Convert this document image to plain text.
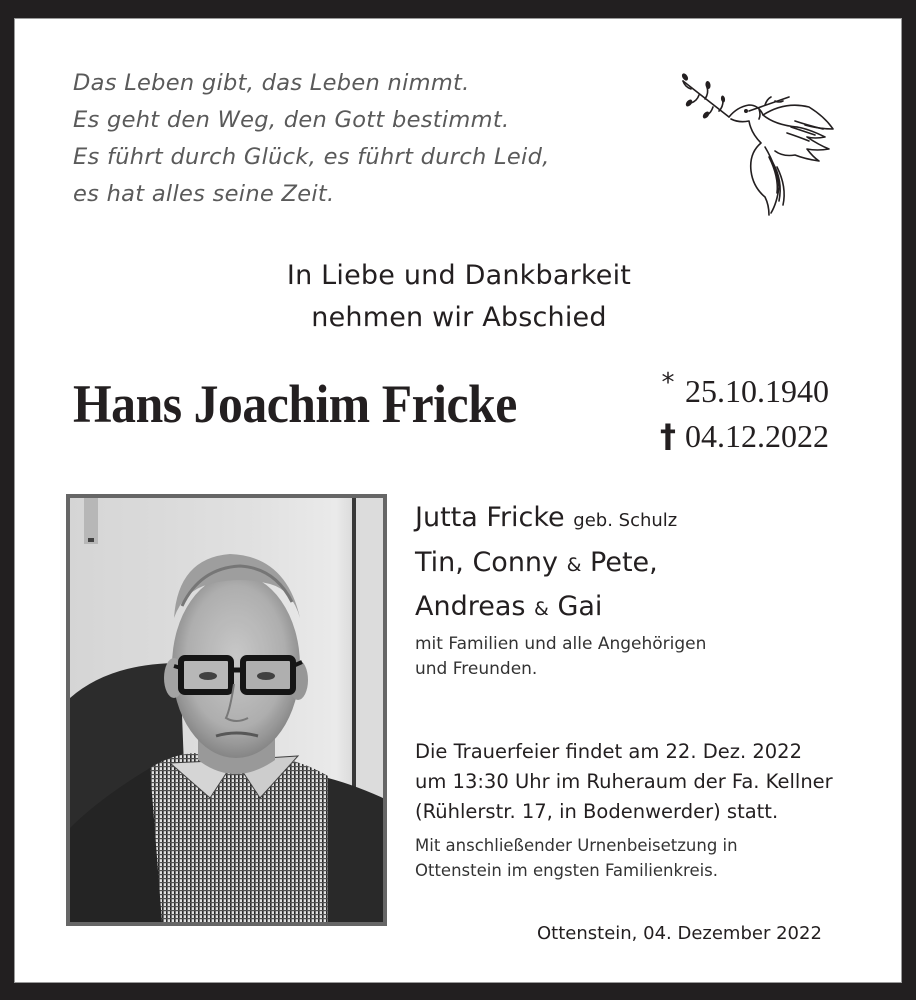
Das Leben gibt, das Leben nimmt.
Es geht den Weg, den Gott bestimmt.
Es führt durch Glück, es führt durch Leid,
es hat alles seine Zeit.
In Liebe und Dankbarkeit
nehmen wir Abschied
Hans Joachim Fricke	* 25.10.1940
† 04.12.2022
Jutta Fricke geb. Schulz
Tin, Conny & Pete,
Andreas & Gai
mit Familien und alle Angehörigen
und Freunden.
Die Trauerfeier findet am 22. Dez. 2022
um 13:30 Uhr im Ruheraum der Fa. Kellner
(Rühlerstr. 17, in Bodenwerder) statt.
Mit anschließender Urnenbeisetzung in
Ottenstein im engsten Familienkreis.
Ottenstein, 04. Dezember 2022
